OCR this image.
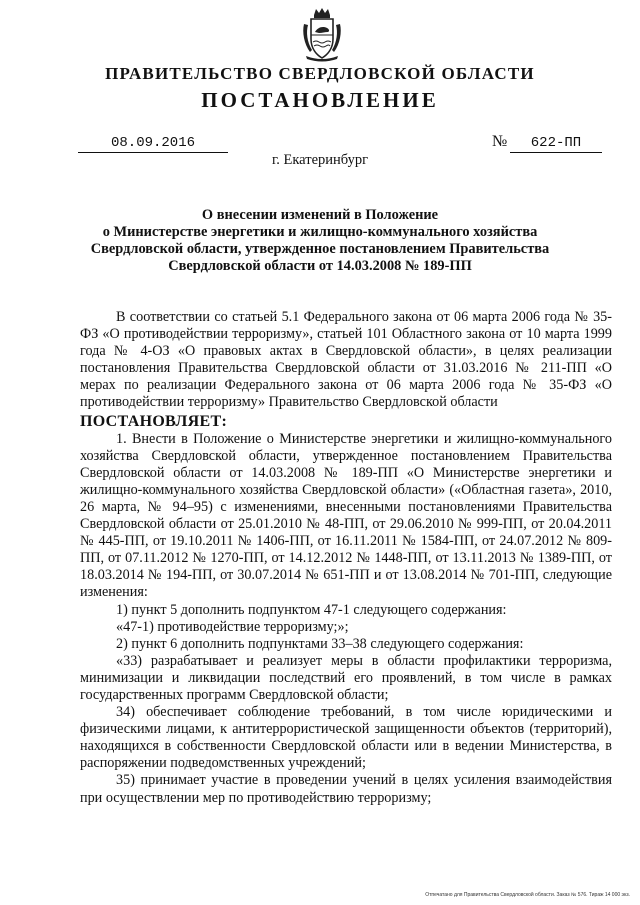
ПРАВИТЕЛЬСТВО СВЕРДЛОВСКОЙ ОБЛАСТИ
ПОСТАНОВЛЕНИЕ
08.09.2016	№	622-ПП
г. Екатеринбург
О внесении изменений в Положение
о Министерстве энергетики и жилищно-коммунального хозяйства
Свердловской области, утвержденное постановлением Правительства
Свердловской области от 14.03.2008 № 189-ПП

В соответствии со статьей 5.1 Федерального закона от 06 марта 2006 года № 35-ФЗ «О противодействии терроризму», статьей 101 Областного закона от 10 марта 1999 года № 4-ОЗ «О правовых актах в Свердловской области», в целях реализации постановления Правительства Свердловской области от 31.03.2016 № 211-ПП «О мерах по реализации Федерального закона от 06 марта 2006 года № 35-ФЗ «О противодействии терроризму» Правительство Свердловской области

ПОСТАНОВЛЯЕТ:

1. Внести в Положение о Министерстве энергетики и жилищно-коммунального хозяйства Свердловской области, утвержденное постановлением Правительства Свердловской области от 14.03.2008 № 189-ПП «О Министерстве энергетики и жилищно-коммунального хозяйства Свердловской области» («Областная газета», 2010, 26 марта, № 94–95) с изменениями, внесенными постановлениями Правительства Свердловской области от 25.01.2010 № 48-ПП, от 29.06.2010 № 999-ПП, от 20.04.2011 № 445-ПП, от 19.10.2011 № 1406-ПП, от 16.11.2011 № 1584-ПП, от 24.07.2012 № 809-ПП, от 07.11.2012 № 1270-ПП, от 14.12.2012 № 1448-ПП, от 13.11.2013 № 1389-ПП, от 18.03.2014 № 194-ПП, от 30.07.2014 № 651-ПП и от 13.08.2014 № 701-ПП, следующие изменения:

1) пункт 5 дополнить подпунктом 47-1 следующего содержания:

«47-1) противодействие терроризму;»;

2) пункт 6 дополнить подпунктами 33–38 следующего содержания:

«33) разрабатывает и реализует меры в области профилактики терроризма, минимизации и ликвидации последствий его проявлений, в том числе в рамках государственных программ Свердловской области;

34) обеспечивает соблюдение требований, в том числе юридическими и физическими лицами, к антитеррористической защищенности объектов (территорий), находящихся в собственности Свердловской области или в ведении Министерства, в распоряжении подведомственных учреждений;

35) принимает участие в проведении учений в целях усиления взаимодействия при осуществлении мер по противодействию терроризму;

Отпечатано для Правительства Свердловской области. Заказ № 576. Тираж 14 000 экз.
